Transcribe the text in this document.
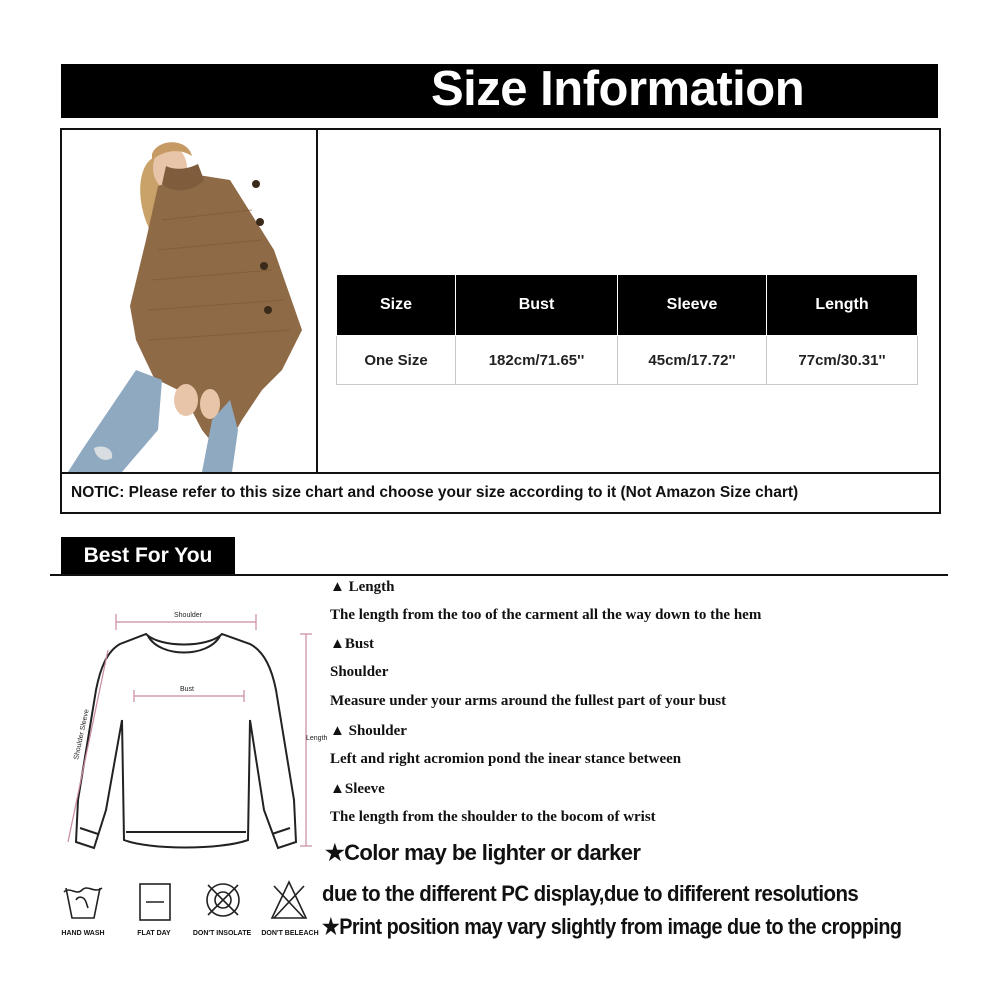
Size Information
NOTIC: Please refer to this size chart and choose your size according to it (Not Amazon Size chart)
Size	Bust	Sleeve	Length
One Size	182cm/71.65''	45cm/17.72''	77cm/30.31''
Best For You
Shoulder
Bust
Length
Shoulder Sleeve
▲ Length
The length from the too of the carment all the way down to the hem
▲Bust
Shoulder
Measure under your arms around the fullest part of your bust
▲ Shoulder
Left and right acromion pond the inear stance between
▲Sleeve
The length from the shoulder to the bocom of wrist
★Color may be lighter or darker
due to the different PC display,due to dififerent resolutions
★Print position may vary slightly from image due to the cropping
HAND WASH	FLAT DAY	DON'T INSOLATE	DON'T BELEACH
